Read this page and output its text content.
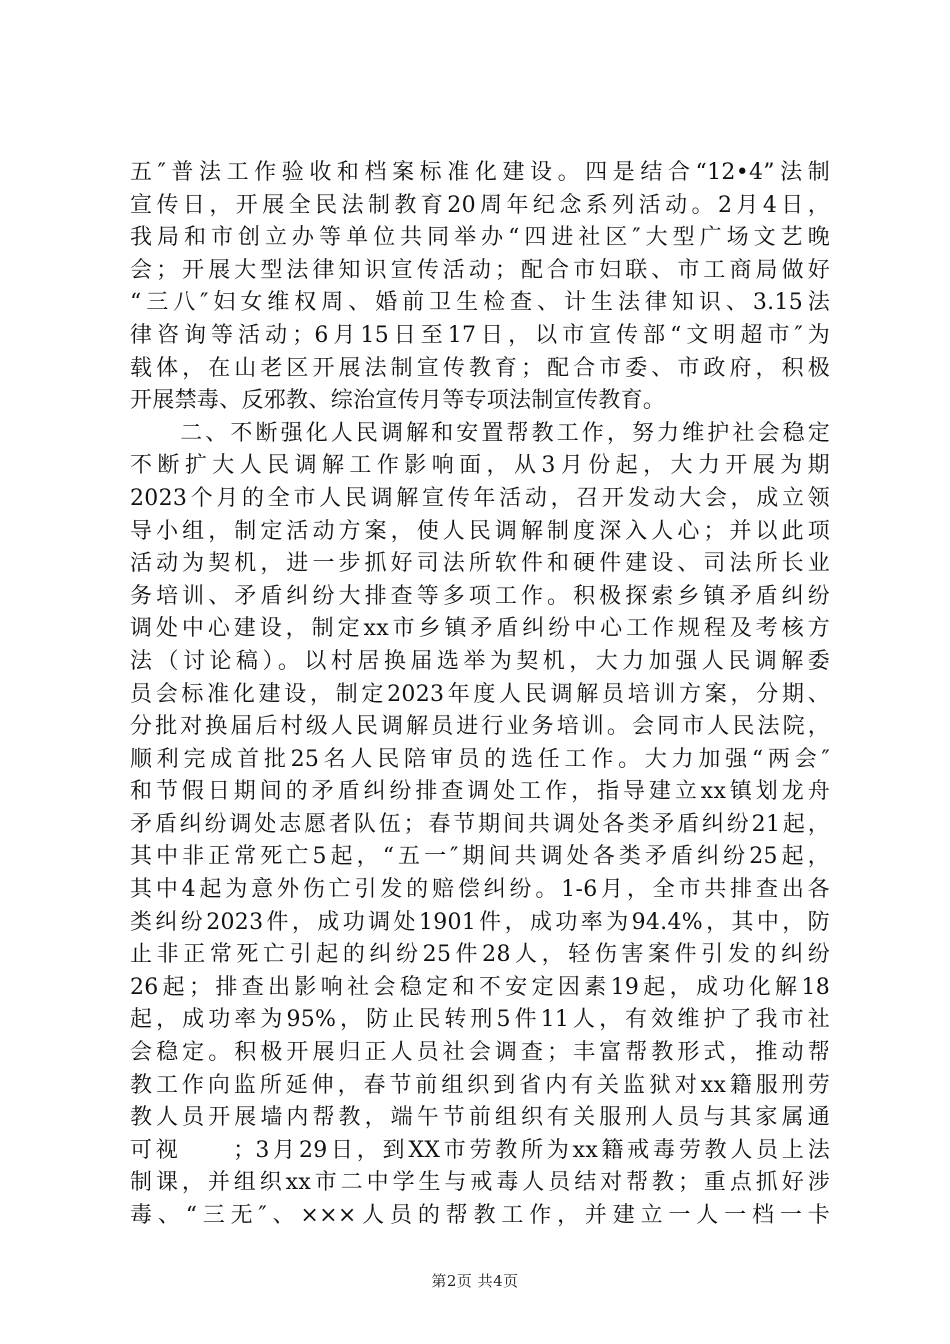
五″普法工作验收和档案标准化建设。四是结合“12•4”法制
宣传日，开展全民法制教育20周年纪念系列活动。2月4日，
我局和市创立办等单位共同举办“四进社区″大型广场文艺晚
会；开展大型法律知识宣传活动；配合市妇联、市工商局做好
“三八″妇女维权周、婚前卫生检查、计生法律知识、3.15法
律咨询等活动；6月15日至17日，以市宣传部“文明超市″为
载体，在山老区开展法制宣传教育；配合市委、市政府，积极
开展禁毒、反邪教、综治宣传月等专项法制宣传教育。
　　二、不断强化人民调解和安置帮教工作，努力维护社会稳定
不断扩大人民调解工作影响面，从3月份起，大力开展为期
2023个月的全市人民调解宣传年活动，召开发动大会，成立领
导小组，制定活动方案，使人民调解制度深入人心；并以此项
活动为契机，进一步抓好司法所软件和硬件建设、司法所长业
务培训、矛盾纠纷大排查等多项工作。积极探索乡镇矛盾纠纷
调处中心建设，制定xx市乡镇矛盾纠纷中心工作规程及考核方
法（讨论稿）。以村居换届选举为契机，大力加强人民调解委
员会标准化建设，制定2023年度人民调解员培训方案，分期、
分批对换届后村级人民调解员进行业务培训。会同市人民法院，
顺利完成首批25名人民陪审员的选任工作。大力加强“两会″
和节假日期间的矛盾纠纷排查调处工作，指导建立xx镇划龙舟
矛盾纠纷调处志愿者队伍；春节期间共调处各类矛盾纠纷21起，
其中非正常死亡5起，“五一″期间共调处各类矛盾纠纷25起，
其中4起为意外伤亡引发的赔偿纠纷。1-6月，全市共排查出各
类纠纷2023件，成功调处1901件，成功率为94.4%，其中，防
止非正常死亡引起的纠纷25件28人，轻伤害案件引发的纠纷
26起；排查出影响社会稳定和不安定因素19起，成功化解18
起，成功率为95%，防止民转刑5件11人，有效维护了我市社
会稳定。积极开展归正人员社会调查；丰富帮教形式，推动帮
教工作向监所延伸，春节前组织到省内有关监狱对xx籍服刑劳
教人员开展墙内帮教，端午节前组织有关服刑人员与其家属通
可视　　；3月29日，到XX市劳教所为xx籍戒毒劳教人员上法
制课，并组织xx市二中学生与戒毒人员结对帮教；重点抓好涉
毒、“三无″、×××人员的帮教工作，并建立一人一档一卡
第2页 共4页
